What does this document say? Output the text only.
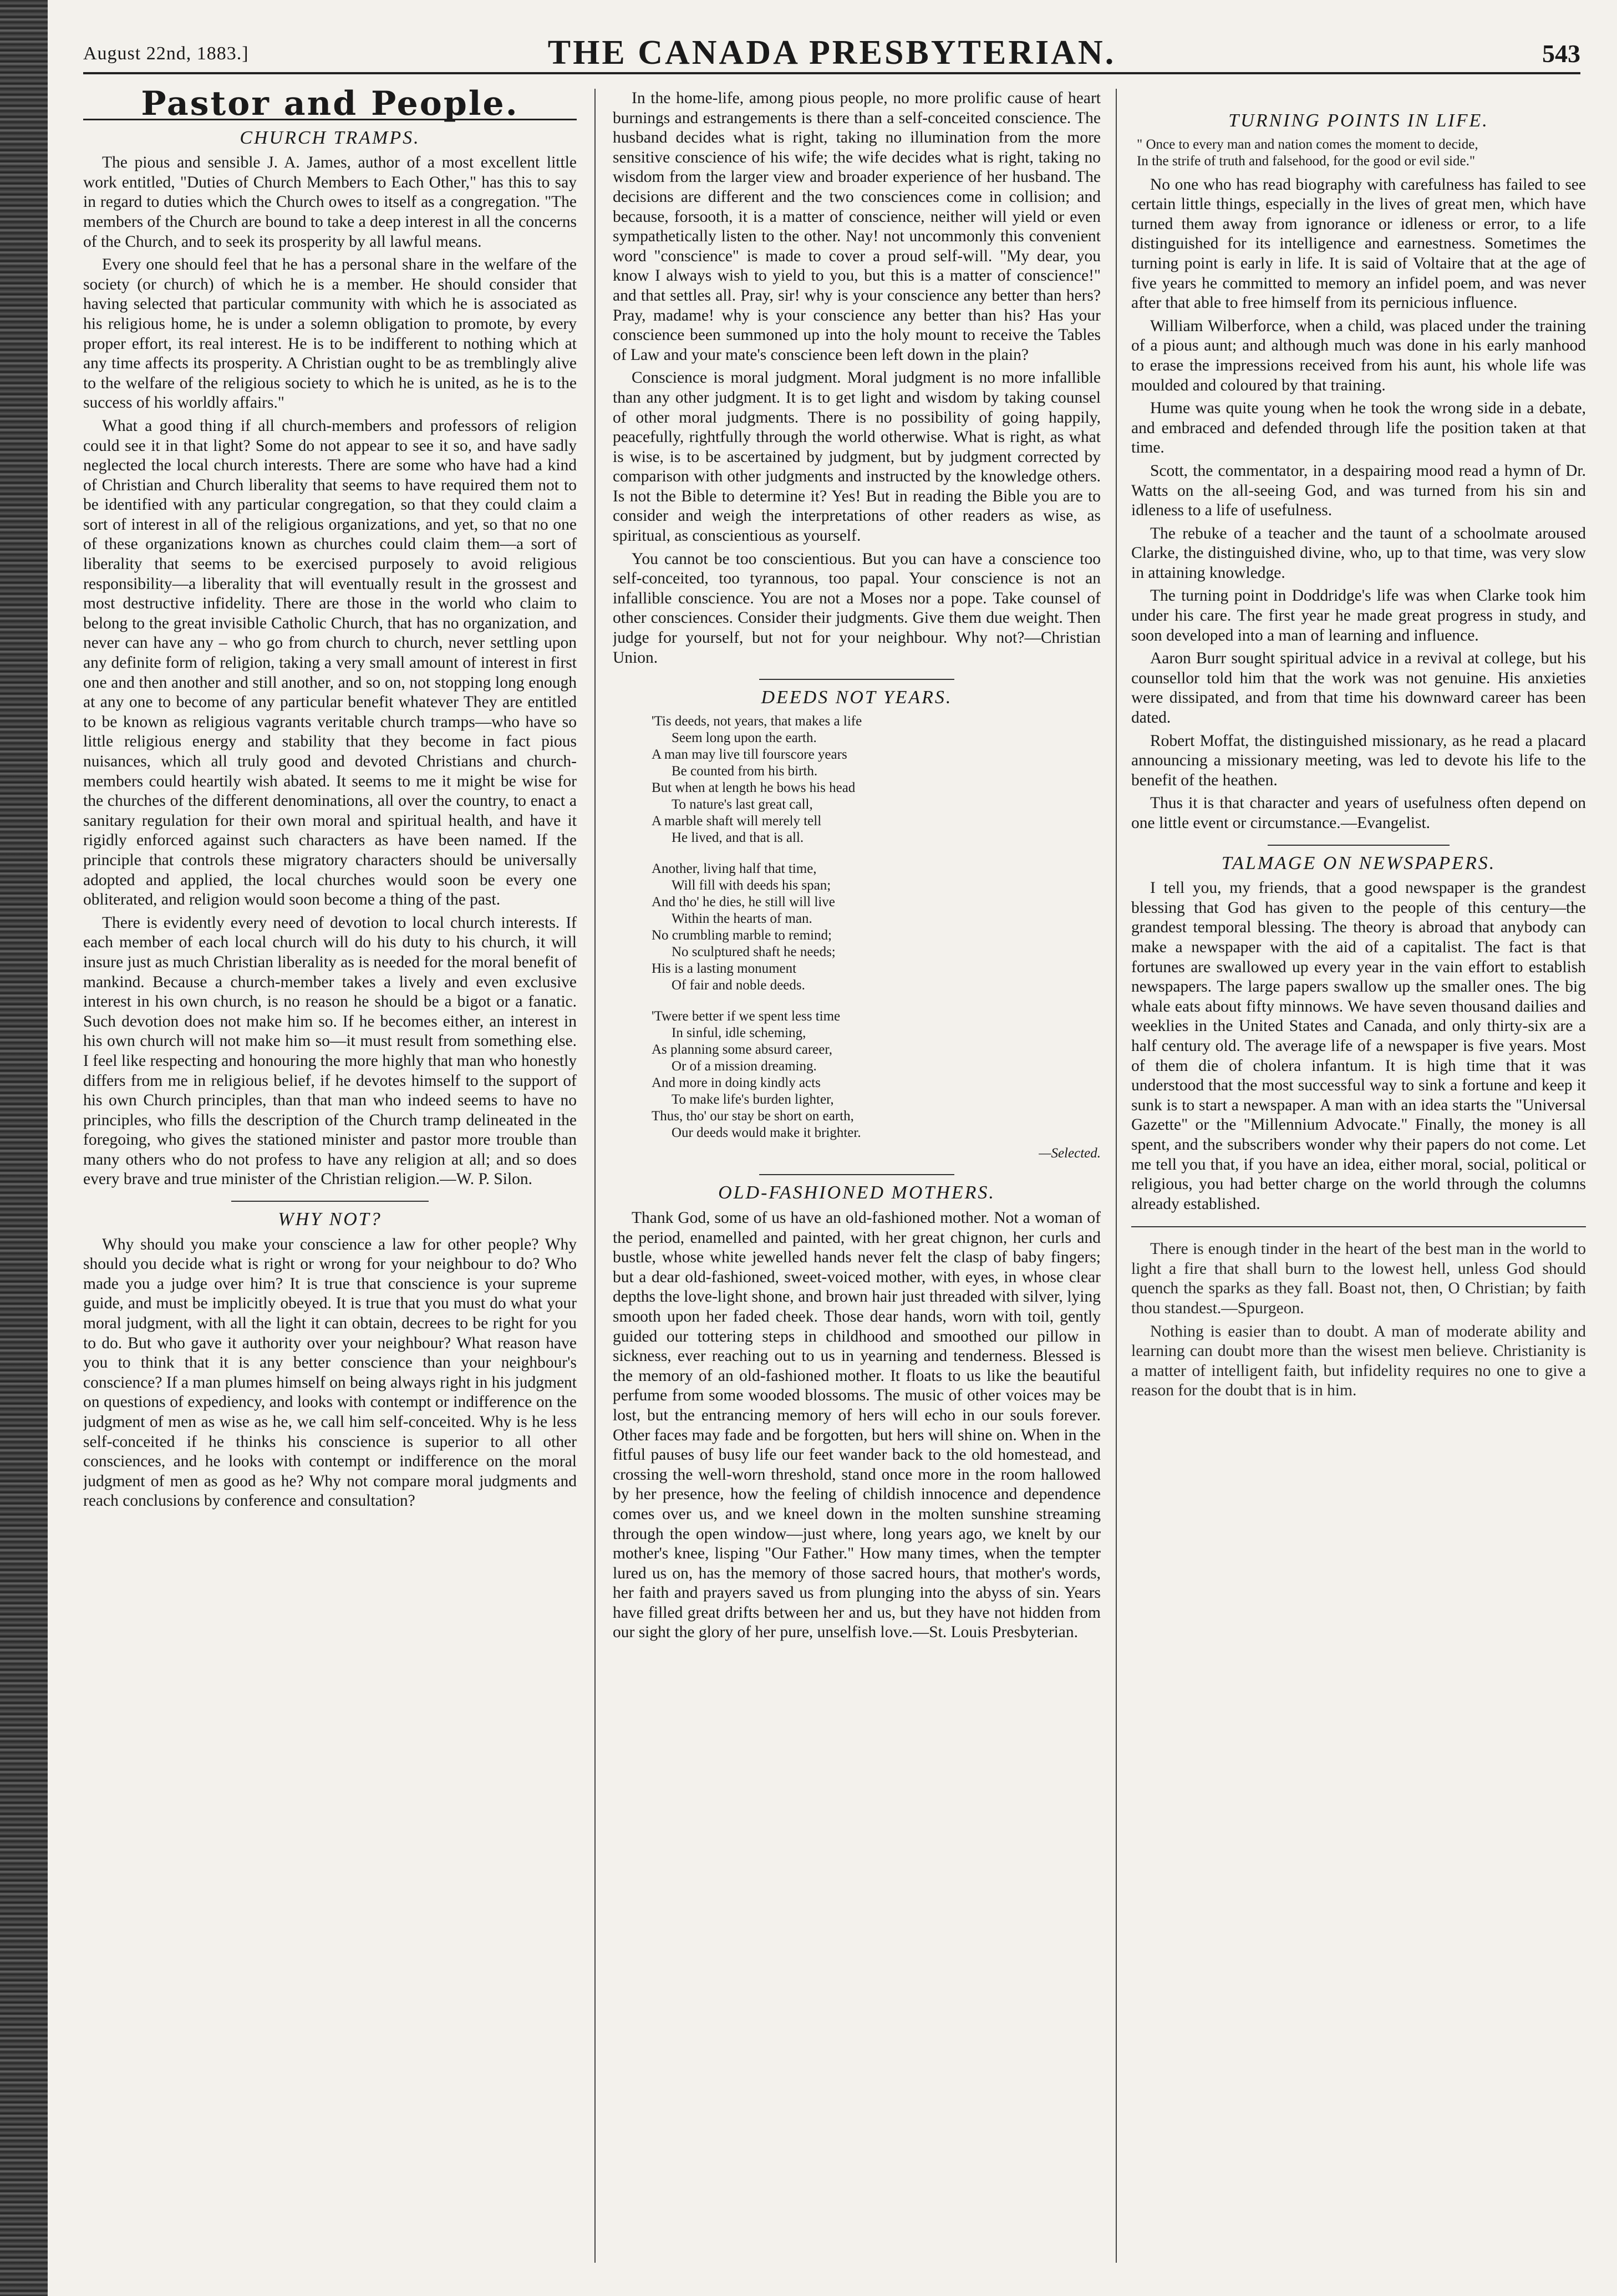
August 22nd, 1883.]	THE CANADA PRESBYTERIAN.	543
Pastor and People.
CHURCH TRAMPS.

The pious and sensible J. A. James, author of a most excellent little work entitled, "Duties of Church Members to Each Other," has this to say in regard to duties which the Church owes to itself as a congregation. "The members of the Church are bound to take a deep interest in all the concerns of the Church, and to seek its prosperity by all lawful means.

Every one should feel that he has a personal share in the welfare of the society (or church) of which he is a member. He should consider that having selected that particular community with which he is associated as his religious home, he is under a solemn obligation to promote, by every proper effort, its real interest. He is to be indifferent to nothing which at any time affects its prosperity. A Christian ought to be as tremblingly alive to the welfare of the religious society to which he is united, as he is to the success of his worldly affairs."

What a good thing if all church-members and professors of religion could see it in that light? Some do not appear to see it so, and have sadly neglected the local church interests. There are some who have had a kind of Christian and Church liberality that seems to have required them not to be identified with any particular congregation, so that they could claim a sort of interest in all of the religious organizations, and yet, so that no one of these organizations known as churches could claim them—a sort of liberality that seems to be exercised purposely to avoid religious responsibility—a liberality that will eventually result in the grossest and most destructive infidelity. There are those in the world who claim to belong to the great invisible Catholic Church, that has no organization, and never can have any – who go from church to church, never settling upon any definite form of religion, taking a very small amount of interest in first one and then another and still another, and so on, not stopping long enough at any one to become of any particular benefit whatever They are entitled to be known as religious vagrants veritable church tramps—who have so little religious energy and stability that they become in fact pious nuisances, which all truly good and devoted Christians and church-members could heartily wish abated. It seems to me it might be wise for the churches of the different denominations, all over the country, to enact a sanitary regulation for their own moral and spiritual health, and have it rigidly enforced against such characters as have been named. If the principle that controls these migratory characters should be universally adopted and applied, the local churches would soon be every one obliterated, and religion would soon become a thing of the past.

There is evidently every need of devotion to local church interests. If each member of each local church will do his duty to his church, it will insure just as much Christian liberality as is needed for the moral benefit of mankind. Because a church-member takes a lively and even exclusive interest in his own church, is no reason he should be a bigot or a fanatic. Such devotion does not make him so. If he becomes either, an interest in his own church will not make him so—it must result from something else. I feel like respecting and honouring the more highly that man who honestly differs from me in religious belief, if he devotes himself to the support of his own Church principles, than that man who indeed seems to have no principles, who fills the description of the Church tramp delineated in the foregoing, who gives the stationed minister and pastor more trouble than many others who do not profess to have any religion at all; and so does every brave and true minister of the Christian religion.—W. P. Silon.

WHY NOT?

Why should you make your conscience a law for other people? Why should you decide what is right or wrong for your neighbour to do? Who made you a judge over him? It is true that conscience is your supreme guide, and must be implicitly obeyed. It is true that you must do what your moral judgment, with all the light it can obtain, decrees to be right for you to do. But who gave it authority over your neighbour? What reason have you to think that it is any better conscience than your neighbour's conscience? If a man plumes himself on being always right in his judgment on questions of expediency, and looks with contempt or indifference on the judgment of men as wise as he, we call him self-conceited. Why is he less self-conceited if he thinks his conscience is superior to all other consciences, and he looks with contempt or indifference on the moral judgment of men as good as he? Why not compare moral judgments and reach conclusions by conference and consultation?

In the home-life, among pious people, no more prolific cause of heart burnings and estrangements is there than a self-conceited conscience. The husband decides what is right, taking no illumination from the more sensitive conscience of his wife; the wife decides what is right, taking no wisdom from the larger view and broader experience of her husband. The decisions are different and the two consciences come in collision; and because, forsooth, it is a matter of conscience, neither will yield or even sympathetically listen to the other. Nay! not uncommonly this convenient word "conscience" is made to cover a proud self-will. "My dear, you know I always wish to yield to you, but this is a matter of conscience!" and that settles all. Pray, sir! why is your conscience any better than hers? Pray, madame! why is your conscience any better than his? Has your conscience been summoned up into the holy mount to receive the Tables of Law and your mate's conscience been left down in the plain?

Conscience is moral judgment. Moral judgment is no more infallible than any other judgment. It is to get light and wisdom by taking counsel of other moral judgments. There is no possibility of going happily, peacefully, rightfully through the world otherwise. What is right, as what is wise, is to be ascertained by judgment, but by judgment corrected by comparison with other judgments and instructed by the knowledge others. Is not the Bible to determine it? Yes! But in reading the Bible you are to consider and weigh the interpretations of other readers as wise, as spiritual, as conscientious as yourself.

You cannot be too conscientious. But you can have a conscience too self-conceited, too tyrannous, too papal. Your conscience is not an infallible conscience. You are not a Moses nor a pope. Take counsel of other consciences. Consider their judgments. Give them due weight. Then judge for yourself, but not for your neighbour. Why not?—Christian Union.

DEEDS NOT YEARS.
'Tis deeds, not years, that makes a life
Seem long upon the earth.
A man may live till fourscore years
Be counted from his birth.
But when at length he bows his head
To nature's last great call,
A marble shaft will merely tell
He lived, and that is all.
Another, living half that time,
Will fill with deeds his span;
And tho' he dies, he still will live
Within the hearts of man.
No crumbling marble to remind;
No sculptured shaft he needs;
His is a lasting monument
Of fair and noble deeds.
'Twere better if we spent less time
In sinful, idle scheming,
As planning some absurd career,
Or of a mission dreaming.
And more in doing kindly acts
To make life's burden lighter,
Thus, tho' our stay be short on earth,
Our deeds would make it brighter.
—Selected.
OLD-FASHIONED MOTHERS.

Thank God, some of us have an old-fashioned mother. Not a woman of the period, enamelled and painted, with her great chignon, her curls and bustle, whose white jewelled hands never felt the clasp of baby fingers; but a dear old-fashioned, sweet-voiced mother, with eyes, in whose clear depths the love-light shone, and brown hair just threaded with silver, lying smooth upon her faded cheek. Those dear hands, worn with toil, gently guided our tottering steps in childhood and smoothed our pillow in sickness, ever reaching out to us in yearning and tenderness. Blessed is the memory of an old-fashioned mother. It floats to us like the beautiful perfume from some wooded blossoms. The music of other voices may be lost, but the entrancing memory of hers will echo in our souls forever. Other faces may fade and be forgotten, but hers will shine on. When in the fitful pauses of busy life our feet wander back to the old homestead, and crossing the well-worn threshold, stand once more in the room hallowed by her presence, how the feeling of childish innocence and dependence comes over us, and we kneel down in the molten sunshine streaming through the open window—just where, long years ago, we knelt by our mother's knee, lisping "Our Father." How many times, when the tempter lured us on, has the memory of those sacred hours, that mother's words, her faith and prayers saved us from plunging into the abyss of sin. Years have filled great drifts between her and us, but they have not hidden from our sight the glory of her pure, unselfish love.—St. Louis Presbyterian.

TURNING POINTS IN LIFE.
" Once to every man and nation comes the moment to decide,
In the strife of truth and falsehood, for the good or evil side."

No one who has read biography with carefulness has failed to see certain little things, especially in the lives of great men, which have turned them away from ignorance or idleness or error, to a life distinguished for its intelligence and earnestness. Sometimes the turning point is early in life. It is said of Voltaire that at the age of five years he committed to memory an infidel poem, and was never after that able to free himself from its pernicious influence.

William Wilberforce, when a child, was placed under the training of a pious aunt; and although much was done in his early manhood to erase the impressions received from his aunt, his whole life was moulded and coloured by that training.

Hume was quite young when he took the wrong side in a debate, and embraced and defended through life the position taken at that time.

Scott, the commentator, in a despairing mood read a hymn of Dr. Watts on the all-seeing God, and was turned from his sin and idleness to a life of usefulness.

The rebuke of a teacher and the taunt of a schoolmate aroused Clarke, the distinguished divine, who, up to that time, was very slow in attaining knowledge.

The turning point in Doddridge's life was when Clarke took him under his care. The first year he made great progress in study, and soon developed into a man of learning and influence.

Aaron Burr sought spiritual advice in a revival at college, but his counsellor told him that the work was not genuine. His anxieties were dissipated, and from that time his downward career has been dated.

Robert Moffat, the distinguished missionary, as he read a placard announcing a missionary meeting, was led to devote his life to the benefit of the heathen.

Thus it is that character and years of usefulness often depend on one little event or circumstance.—Evangelist.

TALMAGE ON NEWSPAPERS.

I tell you, my friends, that a good newspaper is the grandest blessing that God has given to the people of this century—the grandest temporal blessing. The theory is abroad that anybody can make a newspaper with the aid of a capitalist. The fact is that fortunes are swallowed up every year in the vain effort to establish newspapers. The large papers swallow up the smaller ones. The big whale eats about fifty minnows. We have seven thousand dailies and weeklies in the United States and Canada, and only thirty-six are a half century old. The average life of a newspaper is five years. Most of them die of cholera infantum. It is high time that it was understood that the most successful way to sink a fortune and keep it sunk is to start a newspaper. A man with an idea starts the "Universal Gazette" or the "Millennium Advocate." Finally, the money is all spent, and the subscribers wonder why their papers do not come. Let me tell you that, if you have an idea, either moral, social, political or religious, you had better charge on the world through the columns already established.

There is enough tinder in the heart of the best man in the world to light a fire that shall burn to the lowest hell, unless God should quench the sparks as they fall. Boast not, then, O Christian; by faith thou standest.—Spurgeon.

Nothing is easier than to doubt. A man of moderate ability and learning can doubt more than the wisest men believe. Christianity is a matter of intelligent faith, but infidelity requires no one to give a reason for the doubt that is in him.
